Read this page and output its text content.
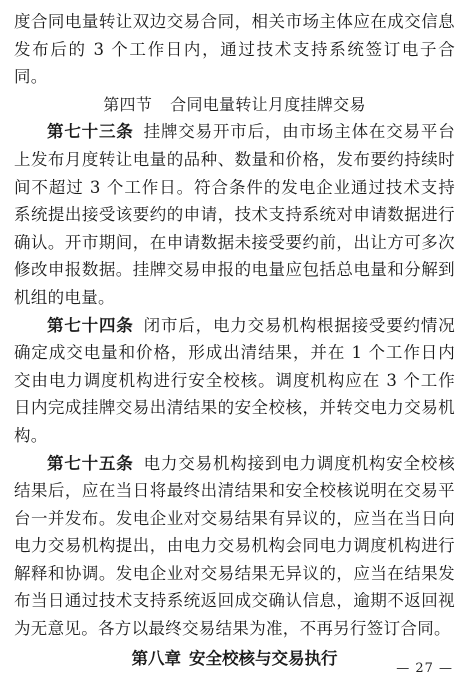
度合同电量转让双边交易合同，相关市场主体应在成交信息发布后的 3 个工作日内，通过技术支持系统签订电子合同。

第四节 合同电量转让月度挂牌交易

第七十三条 挂牌交易开市后，由市场主体在交易平台上发布月度转让电量的品种、数量和价格，发布要约持续时间不超过 3 个工作日。符合条件的发电企业通过技术支持系统提出接受该要约的申请，技术支持系统对申请数据进行确认。开市期间，在申请数据未接受要约前，出让方可多次修改申报数据。挂牌交易申报的电量应包括总电量和分解到机组的电量。

第七十四条 闭市后，电力交易机构根据接受要约情况确定成交电量和价格，形成出清结果，并在 1 个工作日内交由电力调度机构进行安全校核。调度机构应在 3 个工作日内完成挂牌交易出清结果的安全校核，并转交电力交易机构。

第七十五条 电力交易机构接到电力调度机构安全校核结果后，应在当日将最终出清结果和安全校核说明在交易平台一并发布。发电企业对交易结果有异议的，应当在当日向电力交易机构提出，由电力交易机构会同电力调度机构进行解释和协调。发电企业对交易结果无异议的，应当在结果发布当日通过技术支持系统返回成交确认信息，逾期不返回视为无意见。各方以最终交易结果为准，不再另行签订合同。

第八章 安全校核与交易执行

— 27 —
